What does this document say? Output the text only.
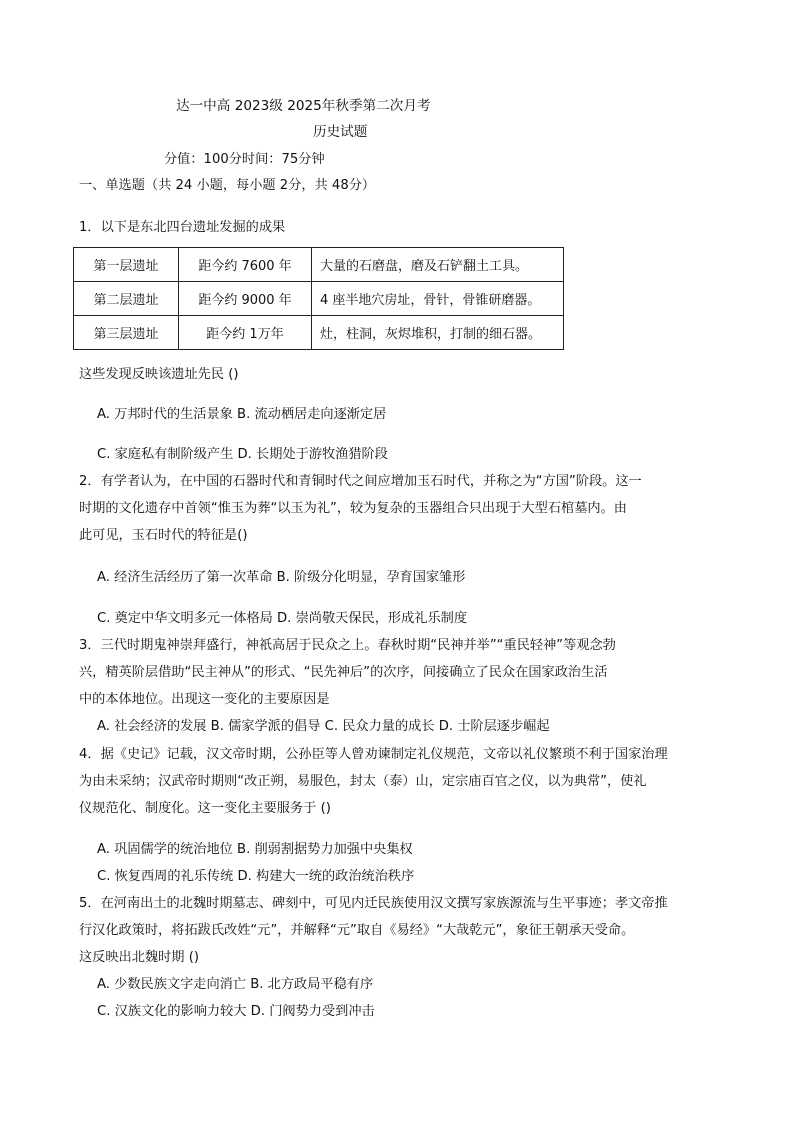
达一中高 2023级 2025年秋季第二次月考
历史试题
分值：100分时间：75分钟
一、单选题（共 24 小题，每小题 2分，共 48分）
1．以下是东北四台遗址发掘的成果
第一层遗址	距今约 7600 年	大量的石磨盘，磨及石铲翻土工具。
第二层遗址	距今约 9000 年	4 座半地穴房址，骨针，骨锥研磨器。
第三层遗址	距今约 1万年	灶，柱洞，灰烬堆积，打制的细石器。
这些发现反映该遗址先民 ()
A. 万邦时代的生活景象 B. 流动栖居走向逐渐定居
C. 家庭私有制阶级产生 D. 长期处于游牧渔猎阶段
2．有学者认为，在中国的石器时代和青铜时代之间应增加玉石时代，并称之为“方国”阶段。这一
时期的文化遗存中首领“惟玉为葬“以玉为礼”，较为复杂的玉器组合只出现于大型石棺墓内。由
此可见，玉石时代的特征是()
A. 经济生活经历了第一次革命 B. 阶级分化明显，孕育国家雏形
C. 奠定中华文明多元一体格局 D. 崇尚敬天保民，形成礼乐制度
3．三代时期鬼神崇拜盛行，神祇高居于民众之上。春秋时期“民神并举”“重民轻神”等观念勃
兴，精英阶层借助“民主神从”的形式、“民先神后”的次序，间接确立了民众在国家政治生活
中的本体地位。出现这一变化的主要原因是
A. 社会经济的发展 B. 儒家学派的倡导 C. 民众力量的成长 D. 士阶层逐步崛起
4．据《史记》记载，汉文帝时期，公孙臣等人曾劝谏制定礼仪规范，文帝以礼仪繁琐不利于国家治理
为由未采纳；汉武帝时期则“改正朔，易服色，封太（泰）山，定宗庙百官之仪，以为典常”，使礼
仪规范化、制度化。这一变化主要服务于 ()
A. 巩固儒学的统治地位 B. 削弱割据势力加强中央集权
C. 恢复西周的礼乐传统 D. 构建大一统的政治统治秩序
5．在河南出土的北魏时期墓志、碑刻中，可见内迁民族使用汉文撰写家族源流与生平事迹；孝文帝推
行汉化政策时，将拓跋氏改姓“元”，并解释“元”取自《易经》“大哉乾元”，象征王朝承天受命。
这反映出北魏时期 ()
A. 少数民族文字走向消亡 B. 北方政局平稳有序
C. 汉族文化的影响力较大 D. 门阀势力受到冲击
